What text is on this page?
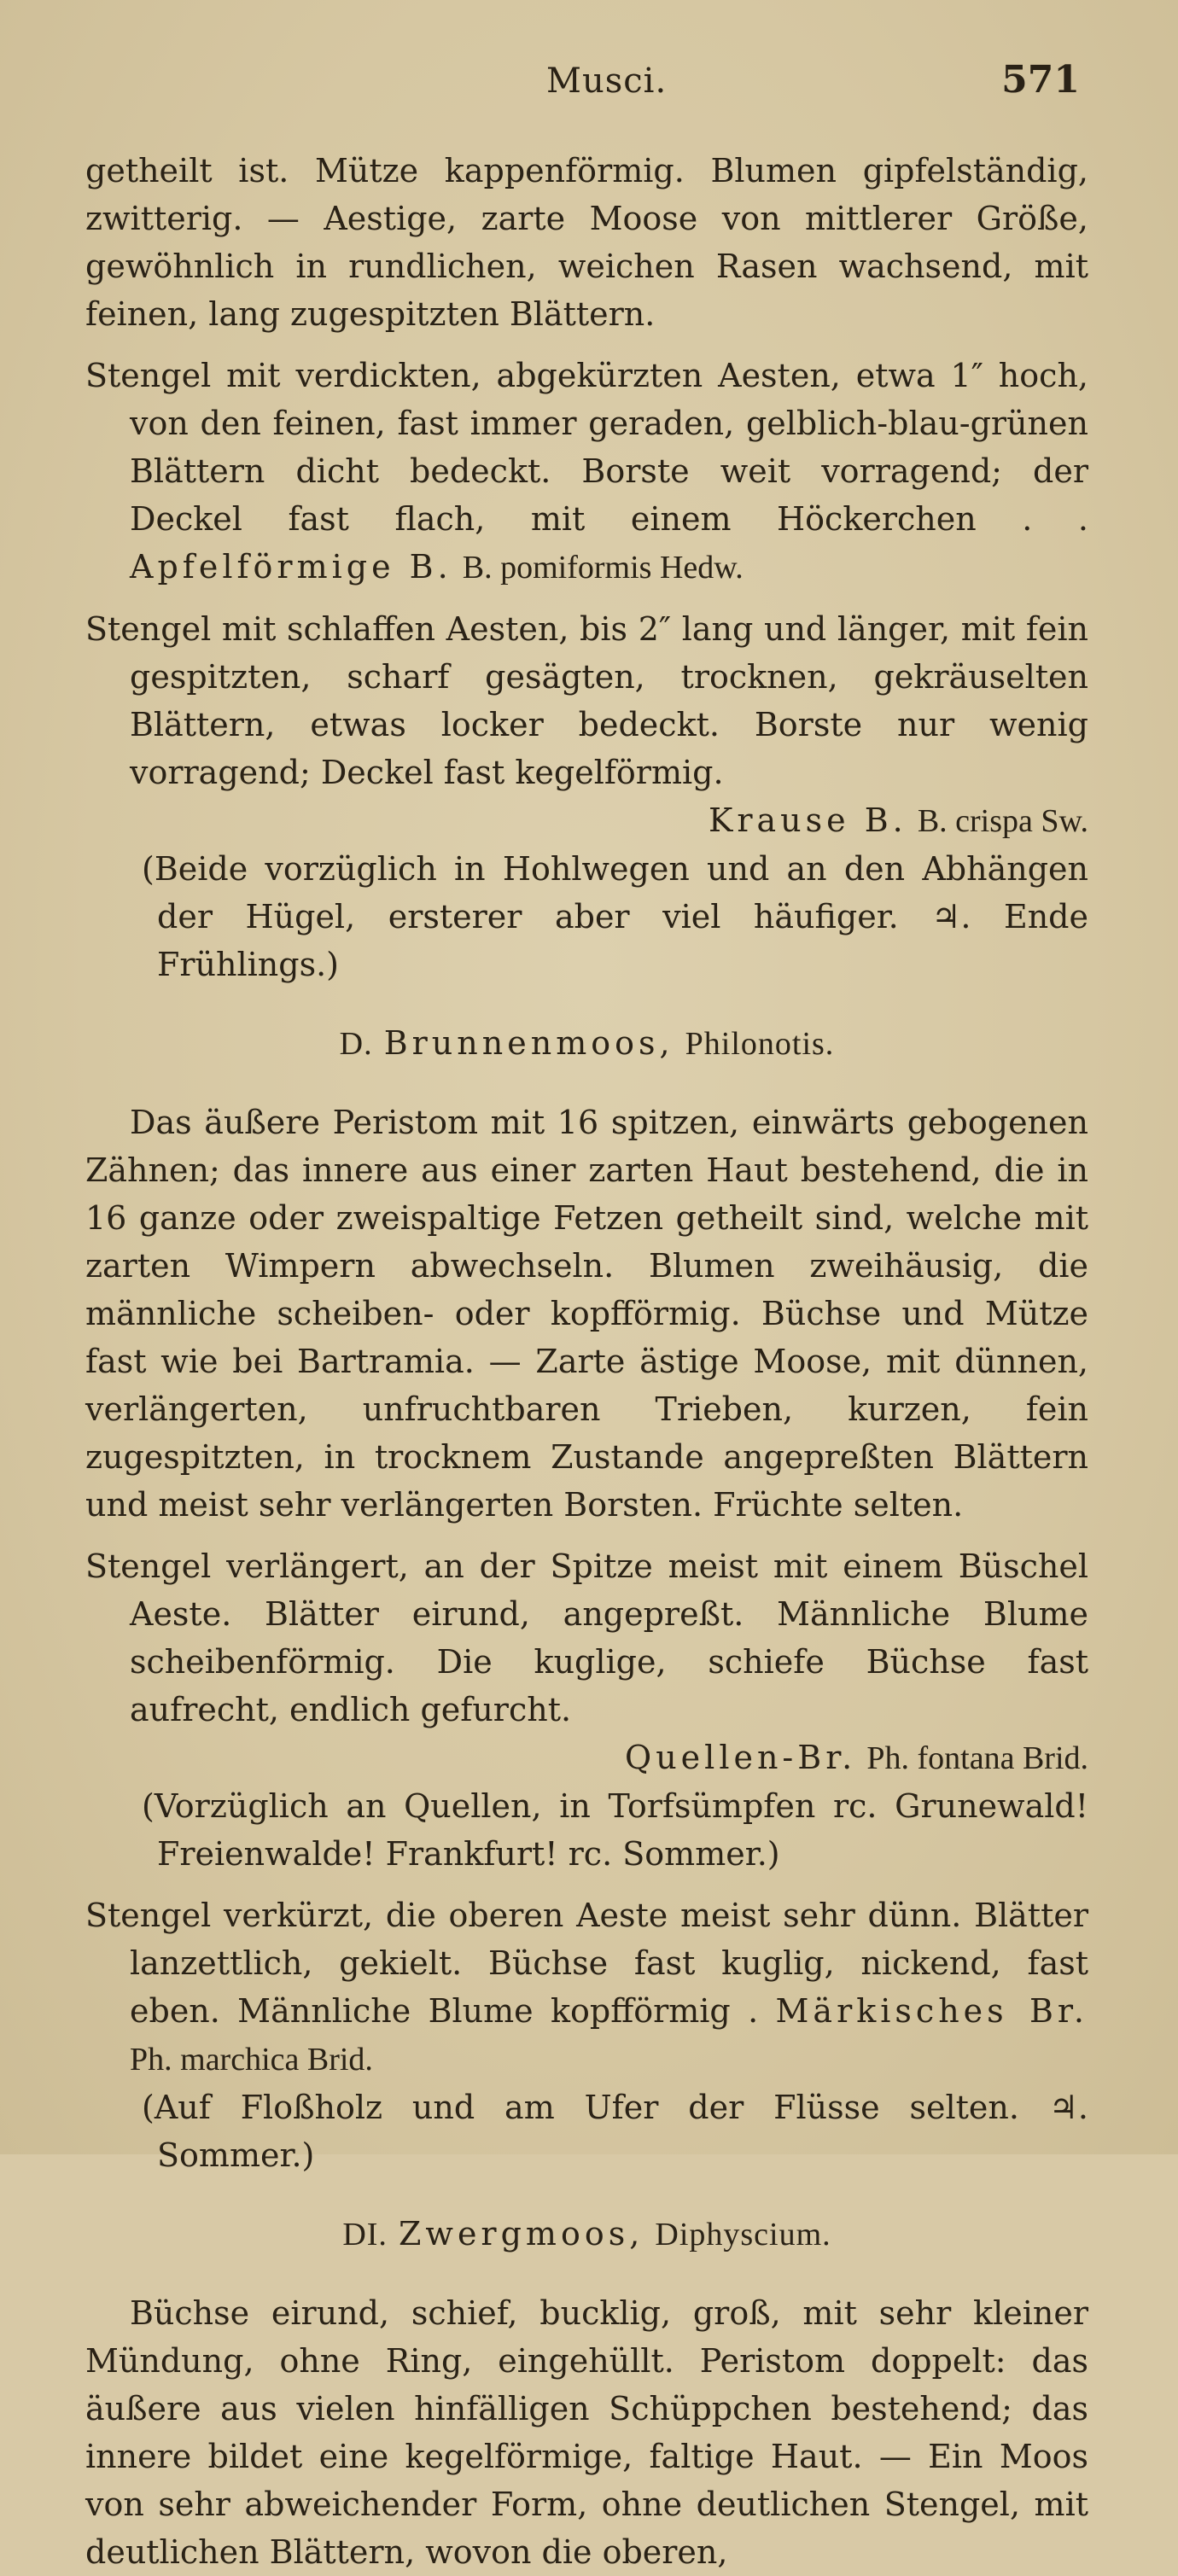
Musci.	571

getheilt ist. Mütze kappenförmig. Blumen gipfelständig, zwitterig. — Aestige, zarte Moose von mittlerer Größe, gewöhnlich in rundlichen, weichen Rasen wachsend, mit feinen, lang zugespitzten Blättern.

Stengel mit verdickten, abgekürzten Aesten, etwa 1″ hoch, von den feinen, fast immer geraden, gelblich-blau-grünen Blättern dicht bedeckt. Borste weit vorragend; der Deckel fast flach, mit einem Höckerchen . . Apfelförmige B. B. pomiformis Hedw.

Stengel mit schlaffen Aesten, bis 2″ lang und länger, mit fein gespitzten, scharf gesägten, trocknen, gekräuselten Blättern, etwas locker bedeckt. Borste nur wenig vorragend; Deckel fast kegelförmig.

Krause B. B. crispa Sw.

(Beide vorzüglich in Hohlwegen und an den Abhängen der Hügel, ersterer aber viel häufiger. ♃. Ende Frühlings.)

D. Brunnenmoos, Philonotis.

Das äußere Peristom mit 16 spitzen, einwärts gebogenen Zähnen; das innere aus einer zarten Haut bestehend, die in 16 ganze oder zweispaltige Fetzen getheilt sind, welche mit zarten Wimpern abwechseln. Blumen zweihäusig, die männliche scheiben- oder kopfförmig. Büchse und Mütze fast wie bei Bartramia. — Zarte ästige Moose, mit dünnen, verlängerten, unfruchtbaren Trieben, kurzen, fein zugespitzten, in trocknem Zustande angepreßten Blättern und meist sehr verlängerten Borsten. Früchte selten.

Stengel verlängert, an der Spitze meist mit einem Büschel Aeste. Blätter eirund, angepreßt. Männliche Blume scheibenförmig. Die kuglige, schiefe Büchse fast aufrecht, endlich gefurcht.

Quellen-Br. Ph. fontana Brid.

(Vorzüglich an Quellen, in Torfsümpfen rc. Grunewald! Freienwalde! Frankfurt! rc. Sommer.)

Stengel verkürzt, die oberen Aeste meist sehr dünn. Blätter lanzettlich, gekielt. Büchse fast kuglig, nickend, fast eben. Männliche Blume kopfförmig . Märkisches Br. Ph. marchica Brid.

(Auf Floßholz und am Ufer der Flüsse selten. ♃. Sommer.)

DI. Zwergmoos, Diphyscium.

Büchse eirund, schief, bucklig, groß, mit sehr kleiner Mündung, ohne Ring, eingehüllt. Peristom doppelt: das äußere aus vielen hinfälligen Schüppchen bestehend; das innere bildet eine kegelförmige, faltige Haut. — Ein Moos von sehr abweichender Form, ohne deutlichen Stengel, mit deutlichen Blättern, wovon die oberen,
